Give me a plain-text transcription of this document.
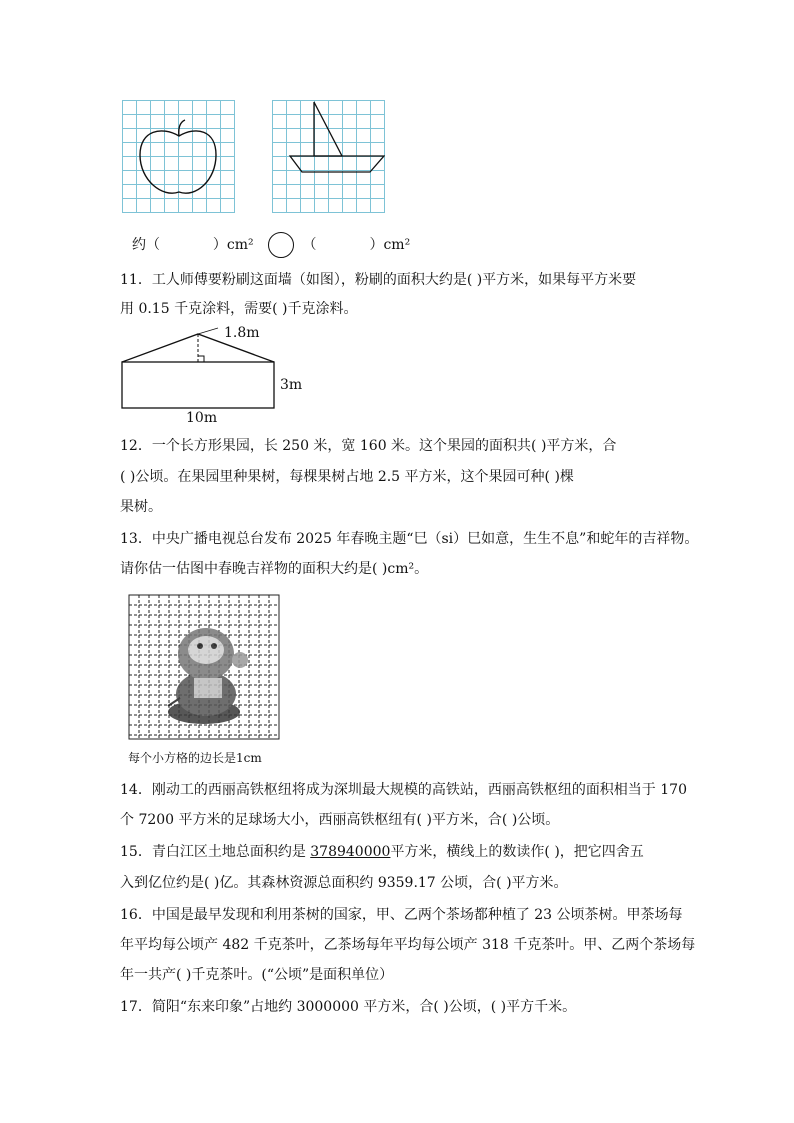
约（	）cm²	（	）cm²
11．工人师傅要粉刷这面墙（如图），粉刷的面积大约是( )平方米，如果每平方米要
用 0.15 千克涂料，需要( )千克涂料。
1.8m
3m
10m
12．一个长方形果园，长 250 米，宽 160 米。这个果园的面积共( )平方米，合
( )公顷。在果园里种果树，每棵果树占地 2.5 平方米，这个果园可种( )棵
果树。
13．中央广播电视总台发布 2025 年春晚主题“巳（si）巳如意，生生不息”和蛇年的吉祥物。
请你估一估图中春晚吉祥物的面积大约是( )cm²。
每个小方格的边长是1cm
14．刚动工的西丽高铁枢纽将成为深圳最大规模的高铁站，西丽高铁枢纽的面积相当于 170
个 7200 平方米的足球场大小，西丽高铁枢纽有( )平方米，合( )公顷。
15．青白江区土地总面积约是 378940000平方米，横线上的数读作( )，把它四舍五
入到亿位约是( )亿。其森林资源总面积约 9359.17 公顷，合( )平方米。
16．中国是最早发现和利用茶树的国家，甲、乙两个茶场都种植了 23 公顷茶树。甲茶场每
年平均每公顷产 482 千克茶叶，乙茶场每年平均每公顷产 318 千克茶叶。甲、乙两个茶场每
年一共产( )千克茶叶。(“公顷”是面积单位）
17．简阳“东来印象”占地约 3000000 平方米，合( )公顷，( )平方千米。
